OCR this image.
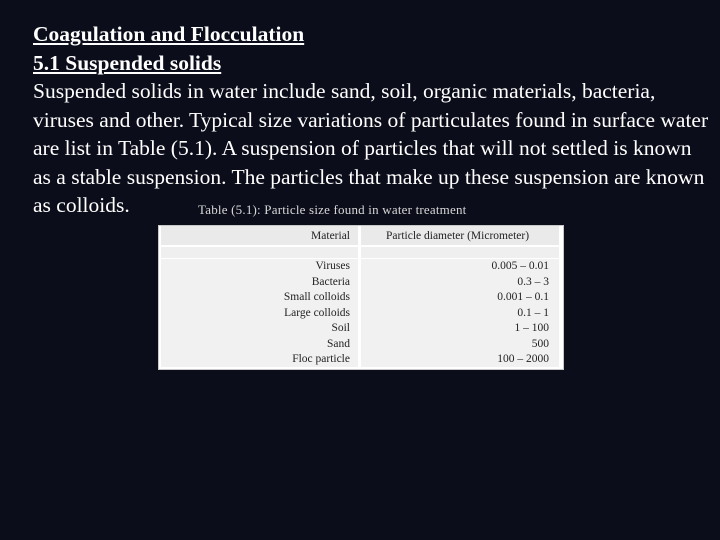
Coagulation and Flocculation
5.1 Suspended solids
Suspended solids in water include sand, soil, organic materials, bacteria, viruses and other. Typical size variations of particulates found in surface water are list in Table (5.1). A suspension of particles that will not settled is known as a stable suspension. The particles that make up these suspension are known as colloids.	Table (5.1): Particle size found in water treatment
Material
Viruses
Bacteria
Small colloids
Large colloids
Soil
Sand
Floc particle
Particle diameter (Micrometer)
0.005 – 0.01
0.3 – 3
0.001 – 0.1
0.1 – 1
1 – 100
500
100 – 2000
